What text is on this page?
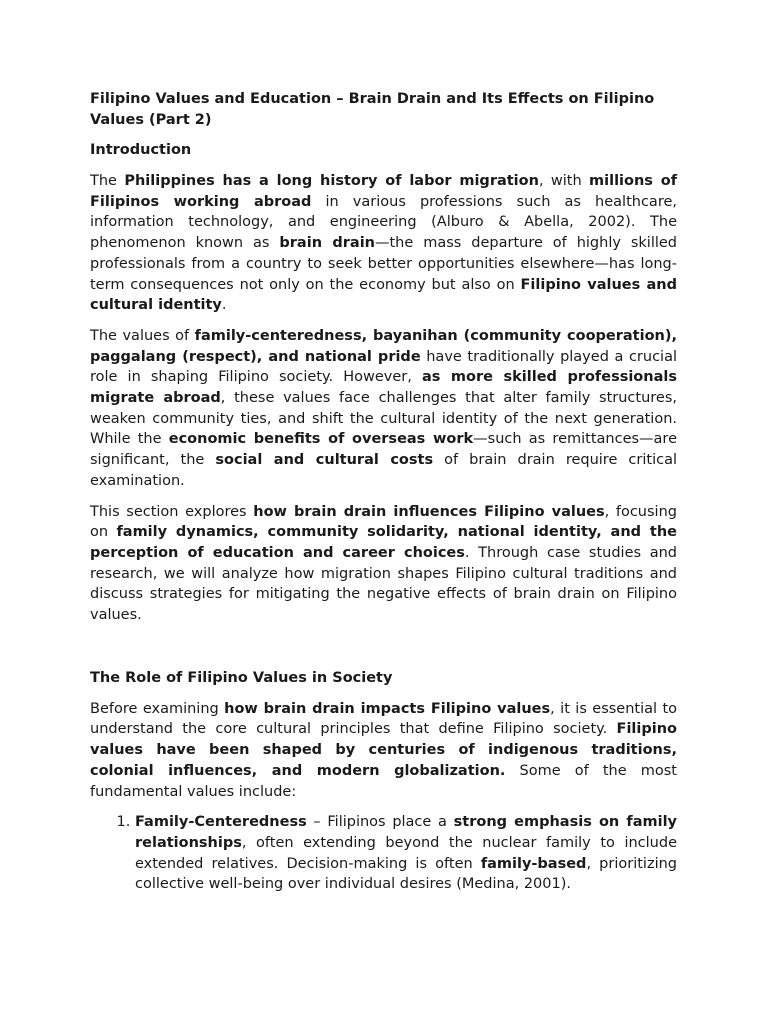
Filipino Values and Education – Brain Drain and Its Effects on Filipino Values (Part 2)
Introduction

The Philippines has a long history of labor migration, with millions of Filipinos working abroad in various professions such as healthcare, information technology, and engineering (Alburo & Abella, 2002). The phenomenon known as brain drain—the mass departure of highly skilled professionals from a country to seek better opportunities elsewhere—has long-term consequences not only on the economy but also on Filipino values and cultural identity.

The values of family-centeredness, bayanihan (community cooperation), paggalang (respect), and national pride have traditionally played a crucial role in shaping Filipino society. However, as more skilled professionals migrate abroad, these values face challenges that alter family structures, weaken community ties, and shift the cultural identity of the next generation. While the economic benefits of overseas work—such as remittances—are significant, the social and cultural costs of brain drain require critical examination.

This section explores how brain drain influences Filipino values, focusing on family dynamics, community solidarity, national identity, and the perception of education and career choices. Through case studies and research, we will analyze how migration shapes Filipino cultural traditions and discuss strategies for mitigating the negative effects of brain drain on Filipino values.

The Role of Filipino Values in Society

Before examining how brain drain impacts Filipino values, it is essential to understand the core cultural principles that define Filipino society. Filipino values have been shaped by centuries of indigenous traditions, colonial influences, and modern globalization. Some of the most fundamental values include:

1. Family-Centeredness – Filipinos place a strong emphasis on family relationships, often extending beyond the nuclear family to include extended relatives. Decision-making is often family-based, prioritizing collective well-being over individual desires (Medina, 2001).
